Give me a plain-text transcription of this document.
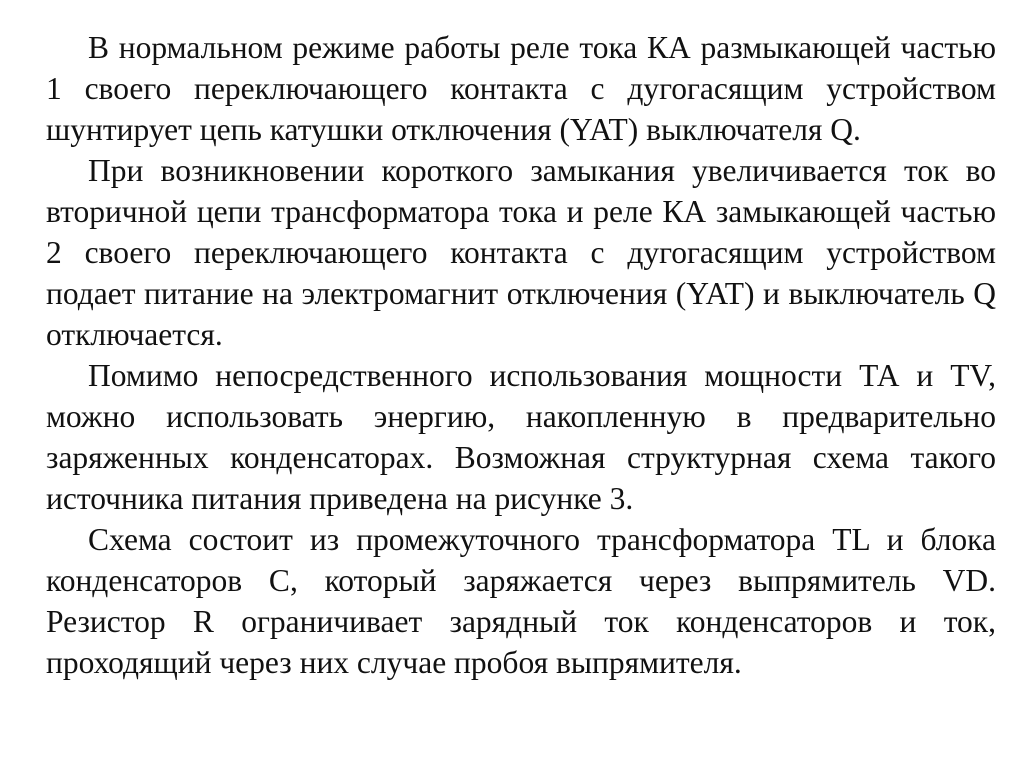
В нормальном режиме работы реле тока КА размыкающей частью 1 своего переключающего контакта с дугогасящим устройством шунтирует цепь катушки отключения (YAT) выключателя Q.

При возникновении короткого замыкания увеличивается ток во вторичной цепи трансформатора тока и реле КА замыкающей частью 2 своего переключающего контакта с дугогасящим устройством подает питание на электромагнит отключения (YAT) и выключатель Q отключается.

Помимо непосредственного использования мощности ТА и ТV, можно использовать энергию, накопленную в предварительно заряженных конденсаторах. Возможная структурная схема такого источника питания приведена на рисунке 3.

Схема состоит из промежуточного трансформатора TL и блока конденсаторов С, который заряжается через выпрямитель VD. Резистор R ограничивает зарядный ток конденсаторов и ток, проходящий через них случае пробоя выпрямителя.
